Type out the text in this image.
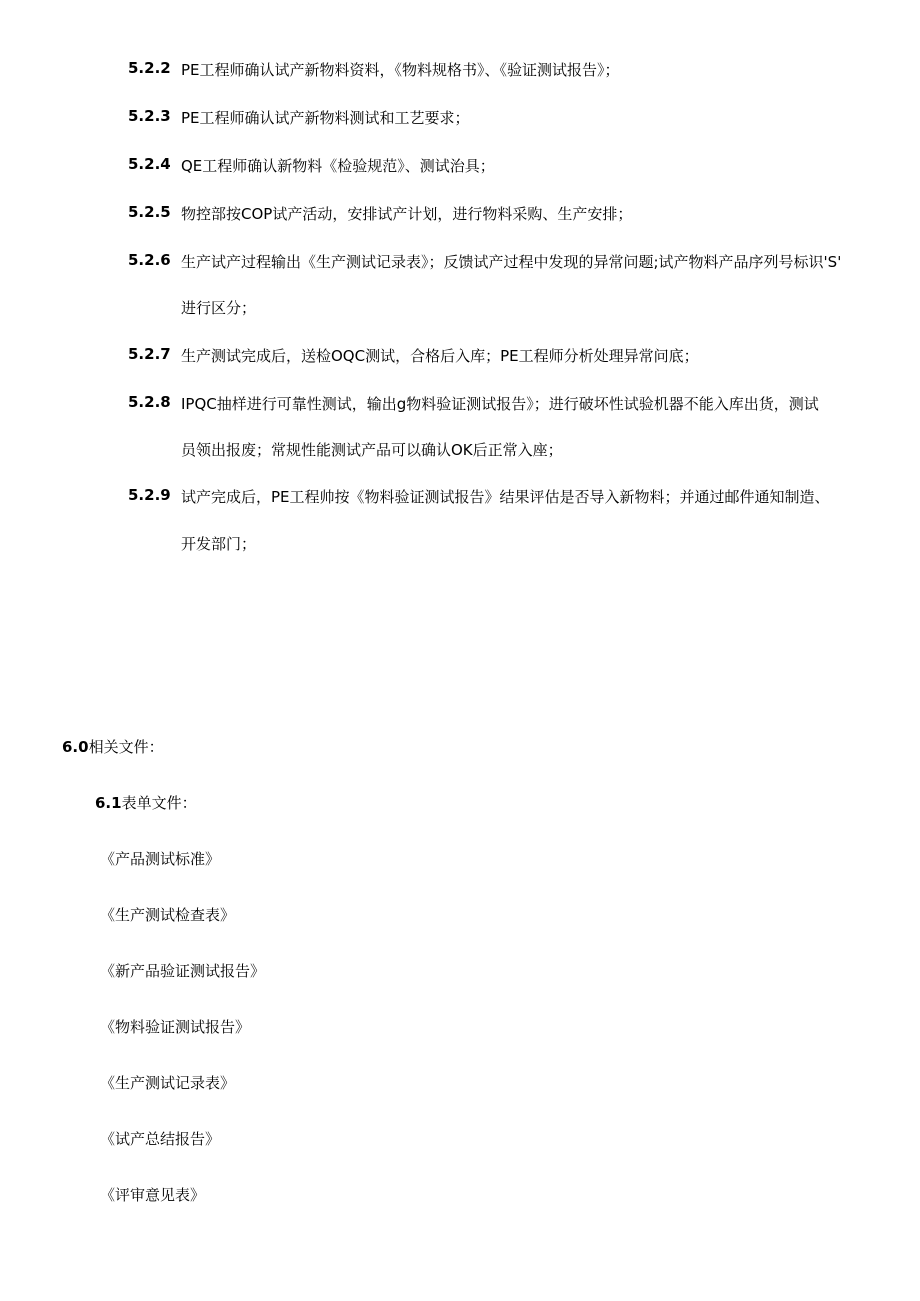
5.2.2 PE工程师确认试产新物料资料，《物料规格书》、《验证测试报告》；
5.2.3 PE工程师确认试产新物料测试和工艺要求；
5.2.4 QE工程师确认新物料《检验规范》、测试治具；
5.2.5 物控部按COP试产活动，安排试产计划，进行物料采购、生产安排；
5.2.6 生产试产过程输出《生产测试记录表》；反馈试产过程中发现的异常问题;试产物料产品序列号标识'S'
进行区分；
5.2.7 生产测试完成后，送检OQC测试，合格后入库；PE工程师分析处理异常问底；
5.2.8 IPQC抽样进行可靠性测试，输出g物料验证测试报告》；进行破坏性试验机器不能入库出货，测试
员领出报废；常规性能测试产品可以确认OK后正常入座；
5.2.9 试产完成后，PE工程帅按《物料验证测试报告》结果评估是否导入新物料；并通过邮件通知制造、
开发部门；
6.0相关文件：
6.1表单文件：
《产品测试标准》
《生产测试检查表》
《新产品验证测试报告》
《物料验证测试报告》
《生产测试记录表》
《试产总结报告》
《评审意见表》
